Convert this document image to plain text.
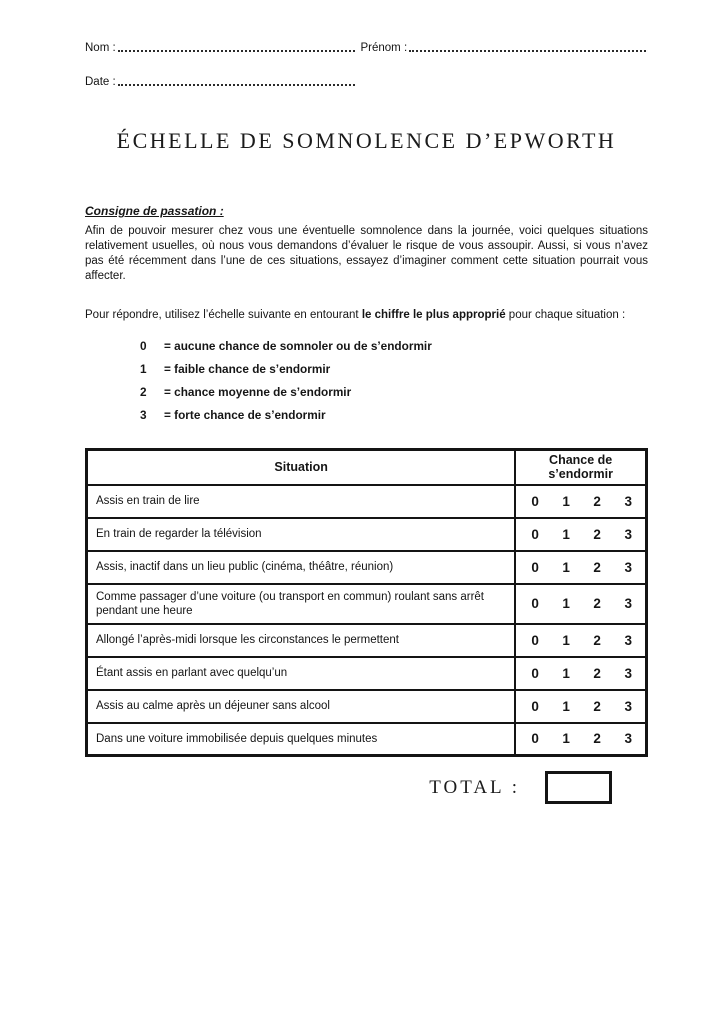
Nom :	Prénom :
Date :
ÉCHELLE DE SOMNOLENCE D’EPWORTH
Consigne de passation :
Afin de pouvoir mesurer chez vous une éventuelle somnolence dans la journée, voici quelques situations relativement usuelles, où nous vous demandons d’évaluer le risque de vous assoupir. Aussi, si vous n’avez pas été récemment dans l’une de ces situations, essayez d’imaginer comment cette situation pourrait vous affecter.
Pour répondre, utilisez l’échelle suivante en entourant le chiffre le plus approprié pour chaque situation :
0	= aucune chance de somnoler ou de s’endormir
1	= faible chance de s’endormir
2	= chance moyenne de s’endormir
3	= forte chance de s’endormir
Situation	Chance de s’endormir
Assis en train de lire	0 1 2 3

En train de regarder la télévision	0 1 2 3

Assis, inactif dans un lieu public (cinéma, théâtre, réunion)	0 1 2 3

Comme passager d’une voiture (ou transport en commun) roulant sans arrêt pendant une heure	0 1 2 3

Allongé l’après-midi lorsque les circonstances le permettent	0 1 2 3

Étant assis en parlant avec quelqu’un	0 1 2 3

Assis au calme après un déjeuner sans alcool	0 1 2 3

Dans une voiture immobilisée depuis quelques minutes	0 1 2 3
TOTAL :
